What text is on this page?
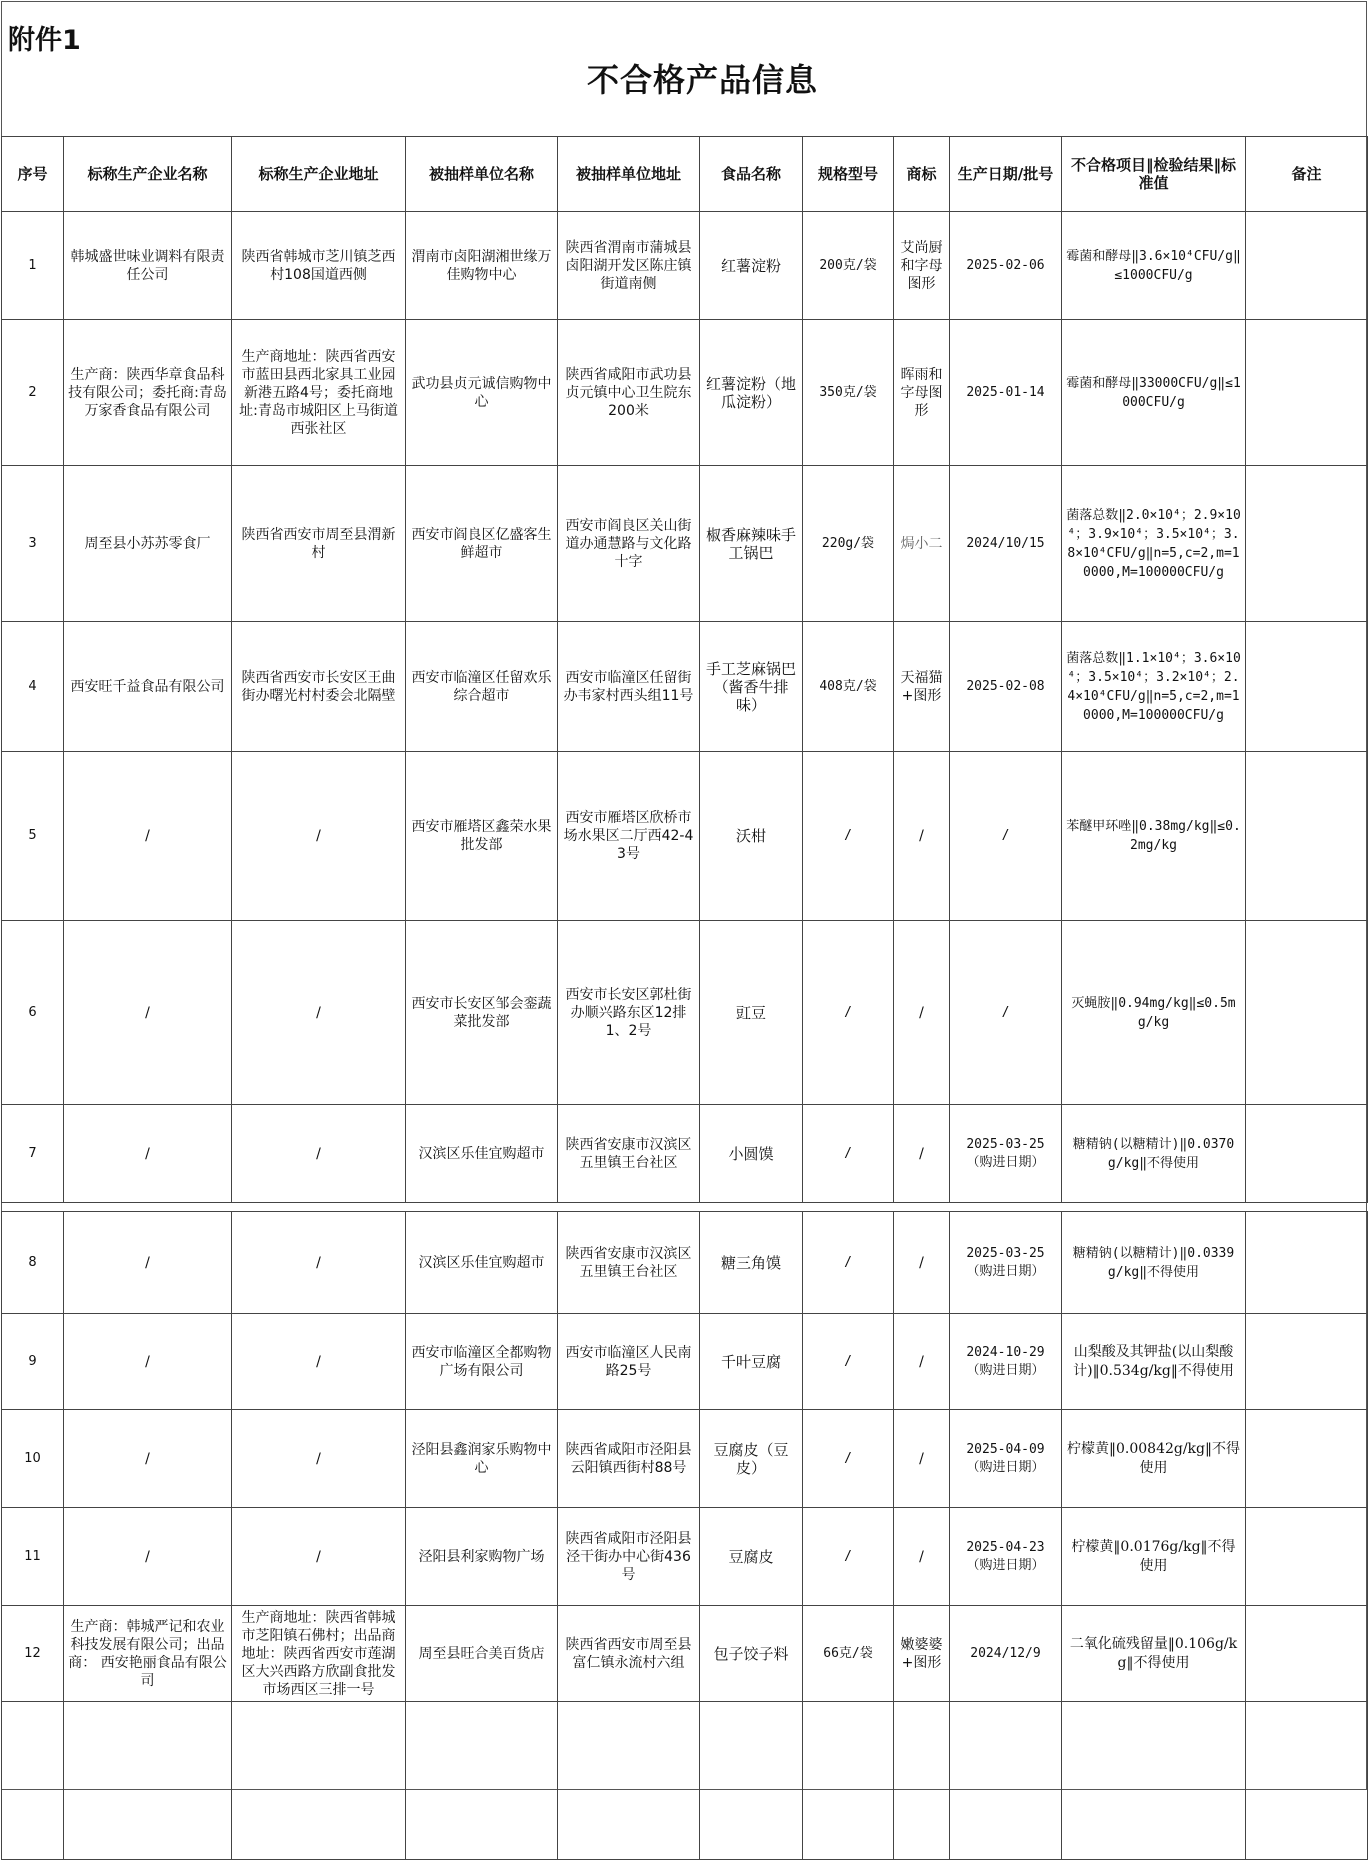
附件1
不合格产品信息
序号	标称生产企业名称	标称生产企业地址	被抽样单位名称	被抽样单位地址	食品名称	规格型号	商标	生产日期/批号	不合格项目‖检验结果‖标准值	备注
1	韩城盛世味业调料有限责任公司	陕西省韩城市芝川镇芝西村108国道西侧	渭南市卤阳湖湘世缘万佳购物中心	陕西省渭南市蒲城县卤阳湖开发区陈庄镇街道南侧	红薯淀粉	200克/袋	艾尚厨和字母图形	2025-02-06	霉菌和酵母‖3.6×10⁴CFU/g‖≤1000CFU/g	
2	生产商：陕西华章食品科技有限公司；委托商:青岛万家香食品有限公司	生产商地址：陕西省西安市蓝田县西北家具工业园新港五路4号；委托商地址:青岛市城阳区上马街道西张社区	武功县贞元诚信购物中心	陕西省咸阳市武功县贞元镇中心卫生院东200米	红薯淀粉（地瓜淀粉）	350克/袋	晖雨和字母图形	2025-01-14	霉菌和酵母‖33000CFU/g‖≤1000CFU/g	
3	周至县小苏苏零食厂	陕西省西安市周至县渭新村	西安市阎良区亿盛客生鲜超市	西安市阎良区关山街道办通慧路与文化路十字	椒香麻辣味手工锅巴	220g/袋	焗小二	2024/10/15	菌落总数‖2.0×10⁴；2.9×10⁴；3.9×10⁴；3.5×10⁴；3.8×10⁴CFU/g‖n=5,c=2,m=10000,M=100000CFU/g	
4	西安旺千益食品有限公司	陕西省西安市长安区王曲街办曙光村村委会北隔壁	西安市临潼区任留欢乐综合超市	西安市临潼区任留街办韦家村西头组11号	手工芝麻锅巴（酱香牛排味）	408克/袋	天福猫+图形	2025-02-08	菌落总数‖1.1×10⁴；3.6×10⁴；3.5×10⁴；3.2×10⁴；2.4×10⁴CFU/g‖n=5,c=2,m=10000,M=100000CFU/g	
5	/	/	西安市雁塔区鑫荣水果批发部	西安市雁塔区欣桥市场水果区二厅西42-43号	沃柑	/	/	/	苯醚甲环唑‖0.38mg/kg‖≤0.2mg/kg	
6	/	/	西安市长安区邹会銮蔬菜批发部	西安市长安区郭杜街办顺兴路东区12排1、2号	豇豆	/	/	/	灭蝇胺‖0.94mg/kg‖≤0.5mg/kg	
7	/	/	汉滨区乐佳宜购超市	陕西省安康市汉滨区五里镇王台社区	小圆馍	/	/	2025-03-25（购进日期）	糖精钠(以糖精计)‖0.0370g/kg‖不得使用	

8	/	/	汉滨区乐佳宜购超市	陕西省安康市汉滨区五里镇王台社区	糖三角馍	/	/	2025-03-25（购进日期）	糖精钠(以糖精计)‖0.0339g/kg‖不得使用	
9	/	/	西安市临潼区全都购物广场有限公司	西安市临潼区人民南路25号	千叶豆腐	/	/	2024-10-29（购进日期）	山梨酸及其钾盐(以山梨酸计)‖0.534g/kg‖不得使用	
10	/	/	泾阳县鑫润家乐购物中心	陕西省咸阳市泾阳县云阳镇西街村88号	豆腐皮（豆皮）	/	/	2025-04-09（购进日期）	柠檬黄‖0.00842g/kg‖不得使用	
11	/	/	泾阳县利家购物广场	陕西省咸阳市泾阳县泾干街办中心街436号	豆腐皮	/	/	2025-04-23（购进日期）	柠檬黄‖0.0176g/kg‖不得使用	
12	生产商：韩城严记和农业科技发展有限公司；出品商： 西安艳丽食品有限公司	生产商地址：陕西省韩城市芝阳镇石佛村；出品商地址：陕西省西安市莲湖区大兴西路方欣副食批发市场西区三排一号	周至县旺合美百货店	陕西省西安市周至县富仁镇永流村六组	包子饺子料	66克/袋	嫩婆婆+图形	2024/12/9	二氧化硫残留量‖0.106g/kg‖不得使用	
